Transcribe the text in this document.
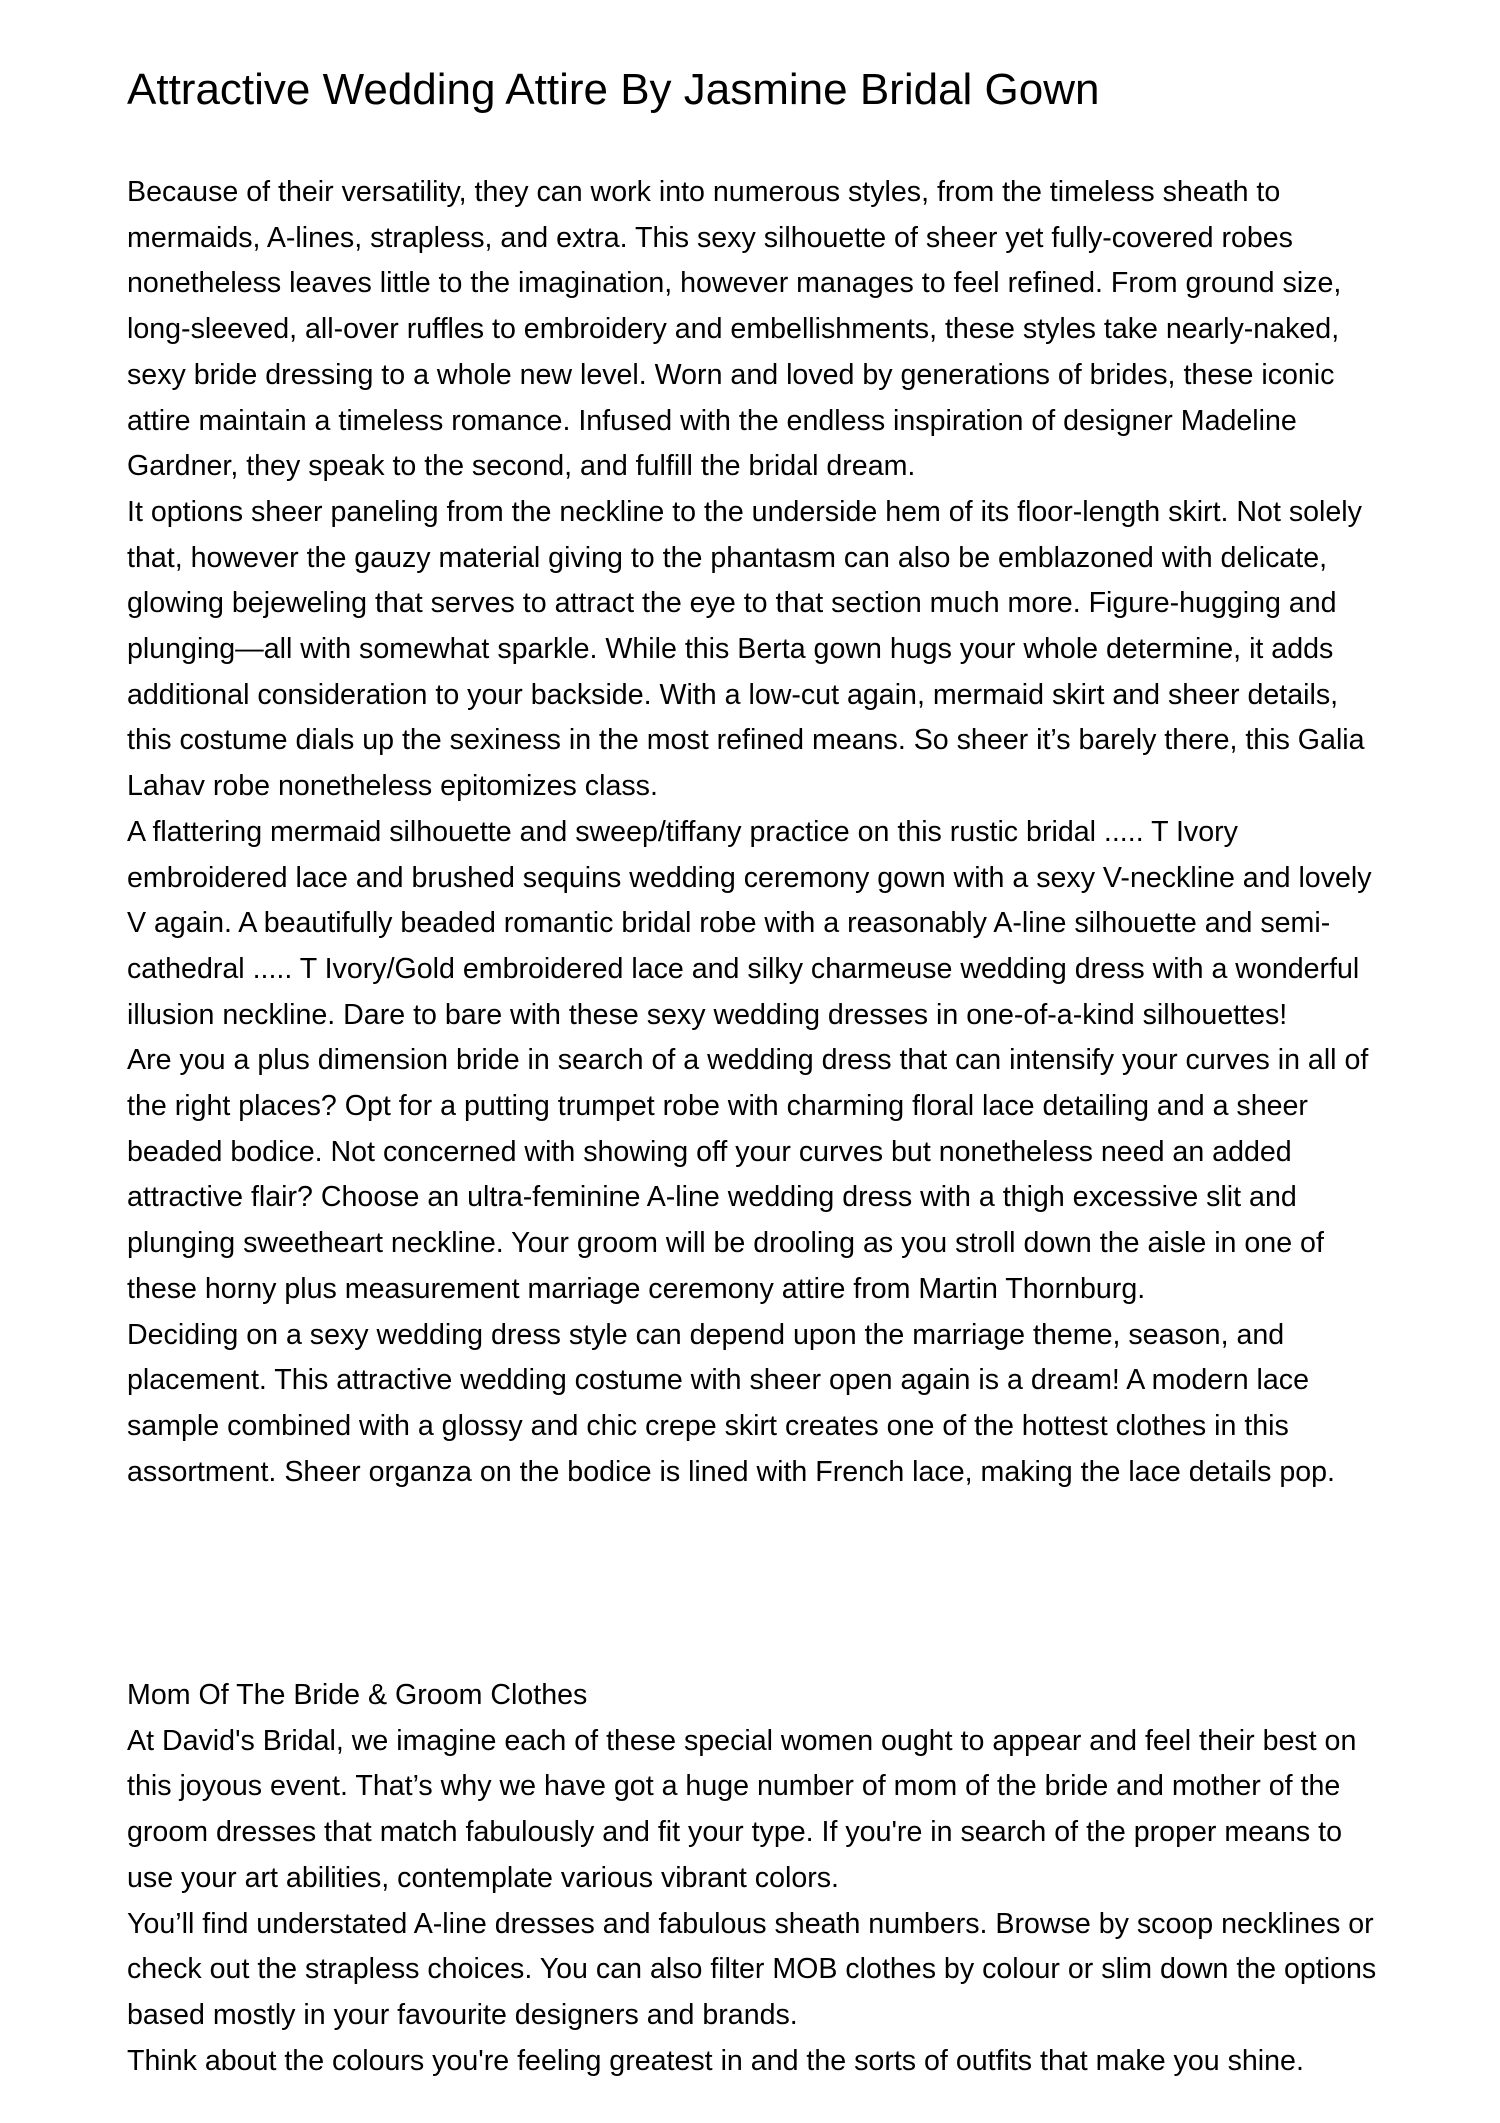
Attractive Wedding Attire By Jasmine Bridal Gown

Because of their versatility, they can work into numerous styles, from the timeless sheath to mermaids, A-lines, strapless, and extra. This sexy silhouette of sheer yet fully-covered robes nonetheless leaves little to the imagination, however manages to feel refined. From ground size, long-sleeved, all-over ruffles to embroidery and embellishments, these styles take nearly-naked, sexy bride dressing to a whole new level. Worn and loved by generations of brides, these iconic attire maintain a timeless romance. Infused with the endless inspiration of designer Madeline Gardner, they speak to the second, and fulfill the bridal dream.

It options sheer paneling from the neckline to the underside hem of its floor-length skirt. Not solely that, however the gauzy material giving to the phantasm can also be emblazoned with delicate, glowing bejeweling that serves to attract the eye to that section much more. Figure-hugging and plunging—all with somewhat sparkle. While this Berta gown hugs your whole determine, it adds additional consideration to your backside. With a low-cut again, mermaid skirt and sheer details, this costume dials up the sexiness in the most refined means. So sheer it’s barely there, this Galia Lahav robe nonetheless epitomizes class.

A flattering mermaid silhouette and sweep/tiffany practice on this rustic bridal ..... T Ivory embroidered lace and brushed sequins wedding ceremony gown with a sexy V-neckline and lovely V again. A beautifully beaded romantic bridal robe with a reasonably A-line silhouette and semi-cathedral ..... T Ivory/Gold embroidered lace and silky charmeuse wedding dress with a wonderful illusion neckline. Dare to bare with these sexy wedding dresses in one-of-a-kind silhouettes!

Are you a plus dimension bride in search of a wedding dress that can intensify your curves in all of the right places? Opt for a putting trumpet robe with charming floral lace detailing and a sheer beaded bodice. Not concerned with showing off your curves but nonetheless need an added attractive flair? Choose an ultra-feminine A-line wedding dress with a thigh excessive slit and plunging sweetheart neckline. Your groom will be drooling as you stroll down the aisle in one of these horny plus measurement marriage ceremony attire from Martin Thornburg.

Deciding on a sexy wedding dress style can depend upon the marriage theme, season, and placement. This attractive wedding costume with sheer open again is a dream! A modern lace sample combined with a glossy and chic crepe skirt creates one of the hottest clothes in this assortment. Sheer organza on the bodice is lined with French lace, making the lace details pop.

Mom Of The Bride & Groom Clothes

At David's Bridal, we imagine each of these special women ought to appear and feel their best on this joyous event. That’s why we have got a huge number of mom of the bride and mother of the groom dresses that match fabulously and fit your type. If you're in search of the proper means to use your art abilities, contemplate various vibrant colors.

You’ll find understated A-line dresses and fabulous sheath numbers. Browse by scoop necklines or check out the strapless choices. You can also filter MOB clothes by colour or slim down the options based mostly in your favourite designers and brands.

Think about the colours you're feeling greatest in and the sorts of outfits that make you shine.
